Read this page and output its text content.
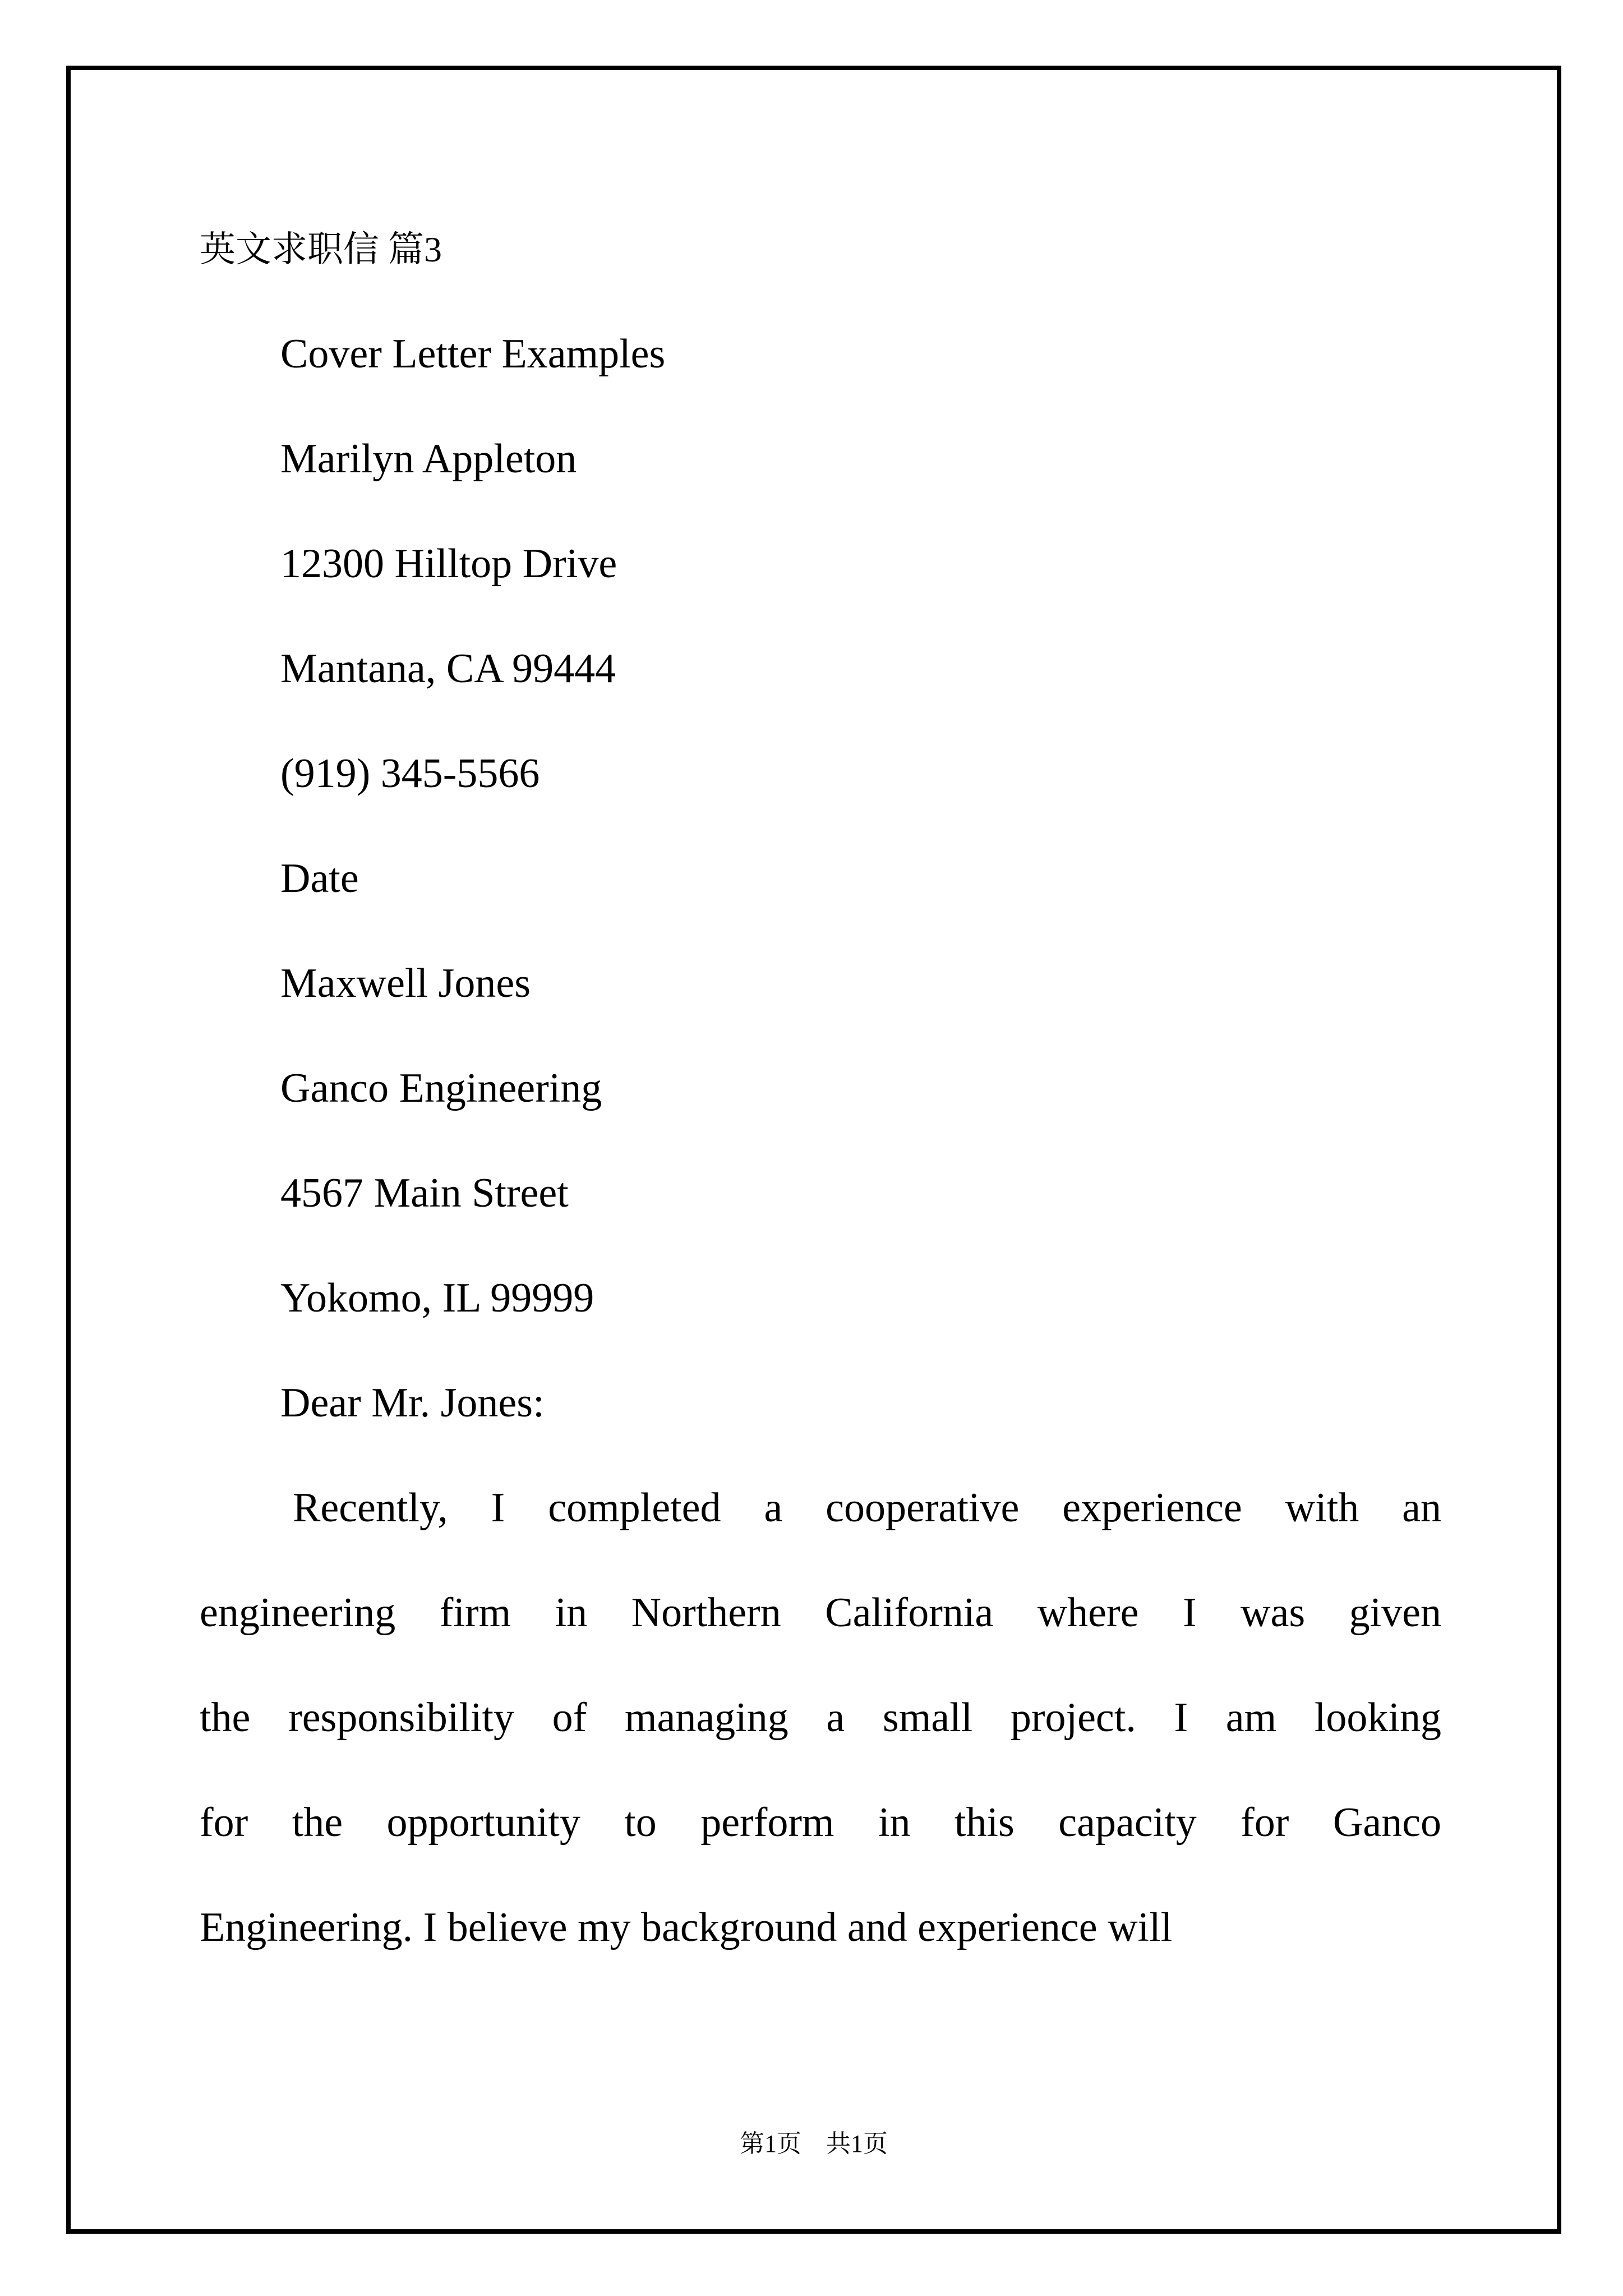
英文求职信 篇3
Cover Letter Examples
Marilyn Appleton
12300 Hilltop Drive
Mantana, CA 99444
(919) 345-5566
Date
Maxwell Jones
Ganco Engineering
4567 Main Street
Yokomo, IL 99999
Dear Mr. Jones:
Recently, I completed a cooperative experience with an
engineering firm in Northern California where I was given
the responsibility of managing a small project. I am looking
for the opportunity to perform in this capacity for Ganco
Engineering. I believe my background and experience will
第1页 共1页
